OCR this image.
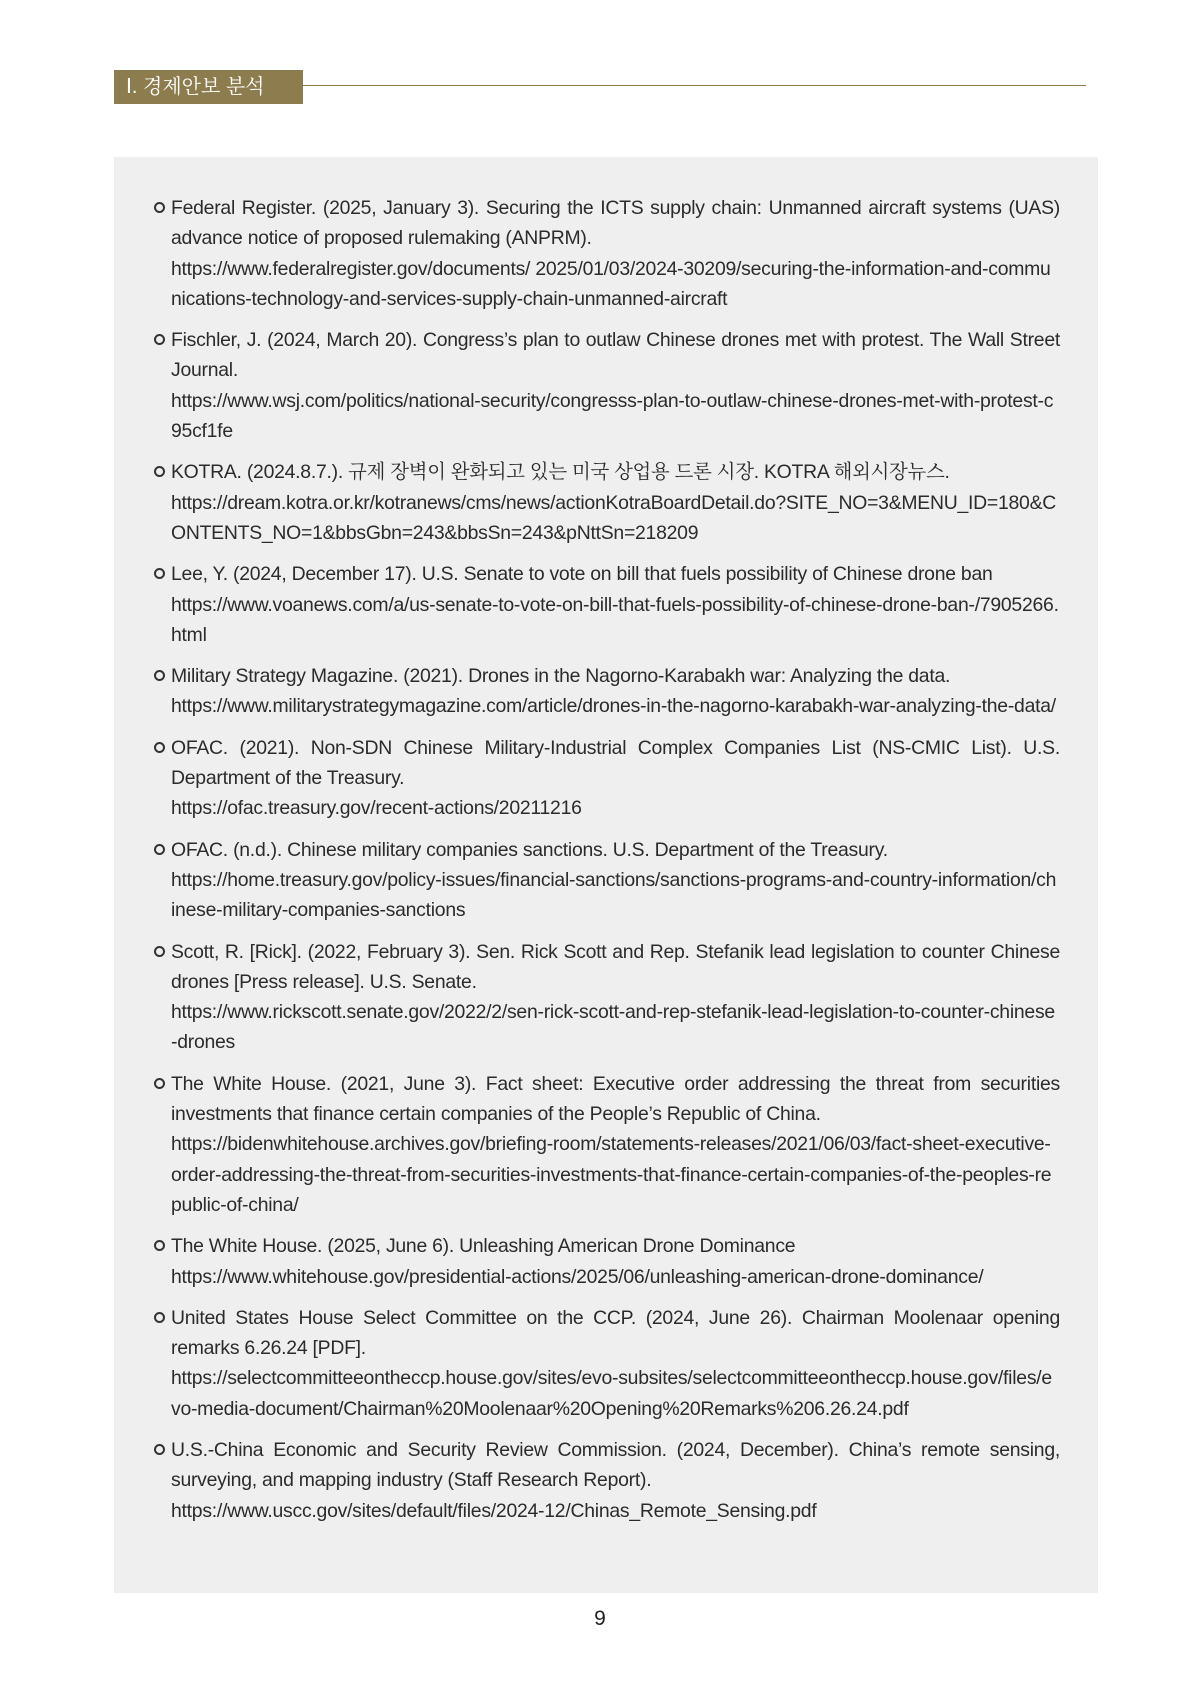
Ⅰ. 경제안보 분석
Federal Register. (2025, January 3). Securing the ICTS supply chain: Unmanned aircraft systems (UAS) advance notice of proposed rulemaking (ANPRM).
https://www.federalregister.gov/documents/ 2025/01/03/2024-30209/securing-the-information-and-communications-technology-and-services-supply-chain-unmanned-aircraft
Fischler, J. (2024, March 20). Congress’s plan to outlaw Chinese drones met with protest. The Wall Street Journal.
https://www.wsj.com/politics/national-security/congresss-plan-to-outlaw-chinese-drones-met-with-protest-c95cf1fe
KOTRA. (2024.8.7.). 규제 장벽이 완화되고 있는 미국 상업용 드론 시장. KOTRA 해외시장뉴스.
https://dream.kotra.or.kr/kotranews/cms/news/actionKotraBoardDetail.do?SITE_NO=3&MENU_ID=180&CONTENTS_NO=1&bbsGbn=243&bbsSn=243&pNttSn=218209
Lee, Y. (2024, December 17). U.S. Senate to vote on bill that fuels possibility of Chinese drone ban
https://www.voanews.com/a/us-senate-to-vote-on-bill-that-fuels-possibility-of-chinese-drone-ban-/7905266.html
Military Strategy Magazine. (2021). Drones in the Nagorno-Karabakh war: Analyzing the data.
https://www.militarystrategymagazine.com/article/drones-in-the-nagorno-karabakh-war-analyzing-the-data/
OFAC. (2021). Non-SDN Chinese Military-Industrial Complex Companies List (NS-CMIC List). U.S. Department of the Treasury.
https://ofac.treasury.gov/recent-actions/20211216
OFAC. (n.d.). Chinese military companies sanctions. U.S. Department of the Treasury.
https://home.treasury.gov/policy-issues/financial-sanctions/sanctions-programs-and-country-information/chinese-military-companies-sanctions
Scott, R. [Rick]. (2022, February 3). Sen. Rick Scott and Rep. Stefanik lead legislation to counter Chinese drones [Press release]. U.S. Senate.
https://www.rickscott.senate.gov/2022/2/sen-rick-scott-and-rep-stefanik-lead-legislation-to-counter-chinese-drones
The White House. (2021, June 3). Fact sheet: Executive order addressing the threat from securities investments that finance certain companies of the People’s Republic of China.
https://bidenwhitehouse.archives.gov/briefing-room/statements-releases/2021/06/03/fact-sheet-executive-order-addressing-the-threat-from-securities-investments-that-finance-certain-companies-of-the-peoples-republic-of-china/
The White House. (2025, June 6). Unleashing American Drone Dominance
https://www.whitehouse.gov/presidential-actions/2025/06/unleashing-american-drone-dominance/
United States House Select Committee on the CCP. (2024, June 26). Chairman Moolenaar opening remarks 6.26.24 [PDF].
https://selectcommitteeontheccp.house.gov/sites/evo-subsites/selectcommitteeontheccp.house.gov/files/evo-media-document/Chairman%20Moolenaar%20Opening%20Remarks%206.26.24.pdf
U.S.-China Economic and Security Review Commission. (2024, December). China’s remote sensing, surveying, and mapping industry (Staff Research Report).
https://www.uscc.gov/sites/default/files/2024-12/Chinas_Remote_Sensing.pdf
9
